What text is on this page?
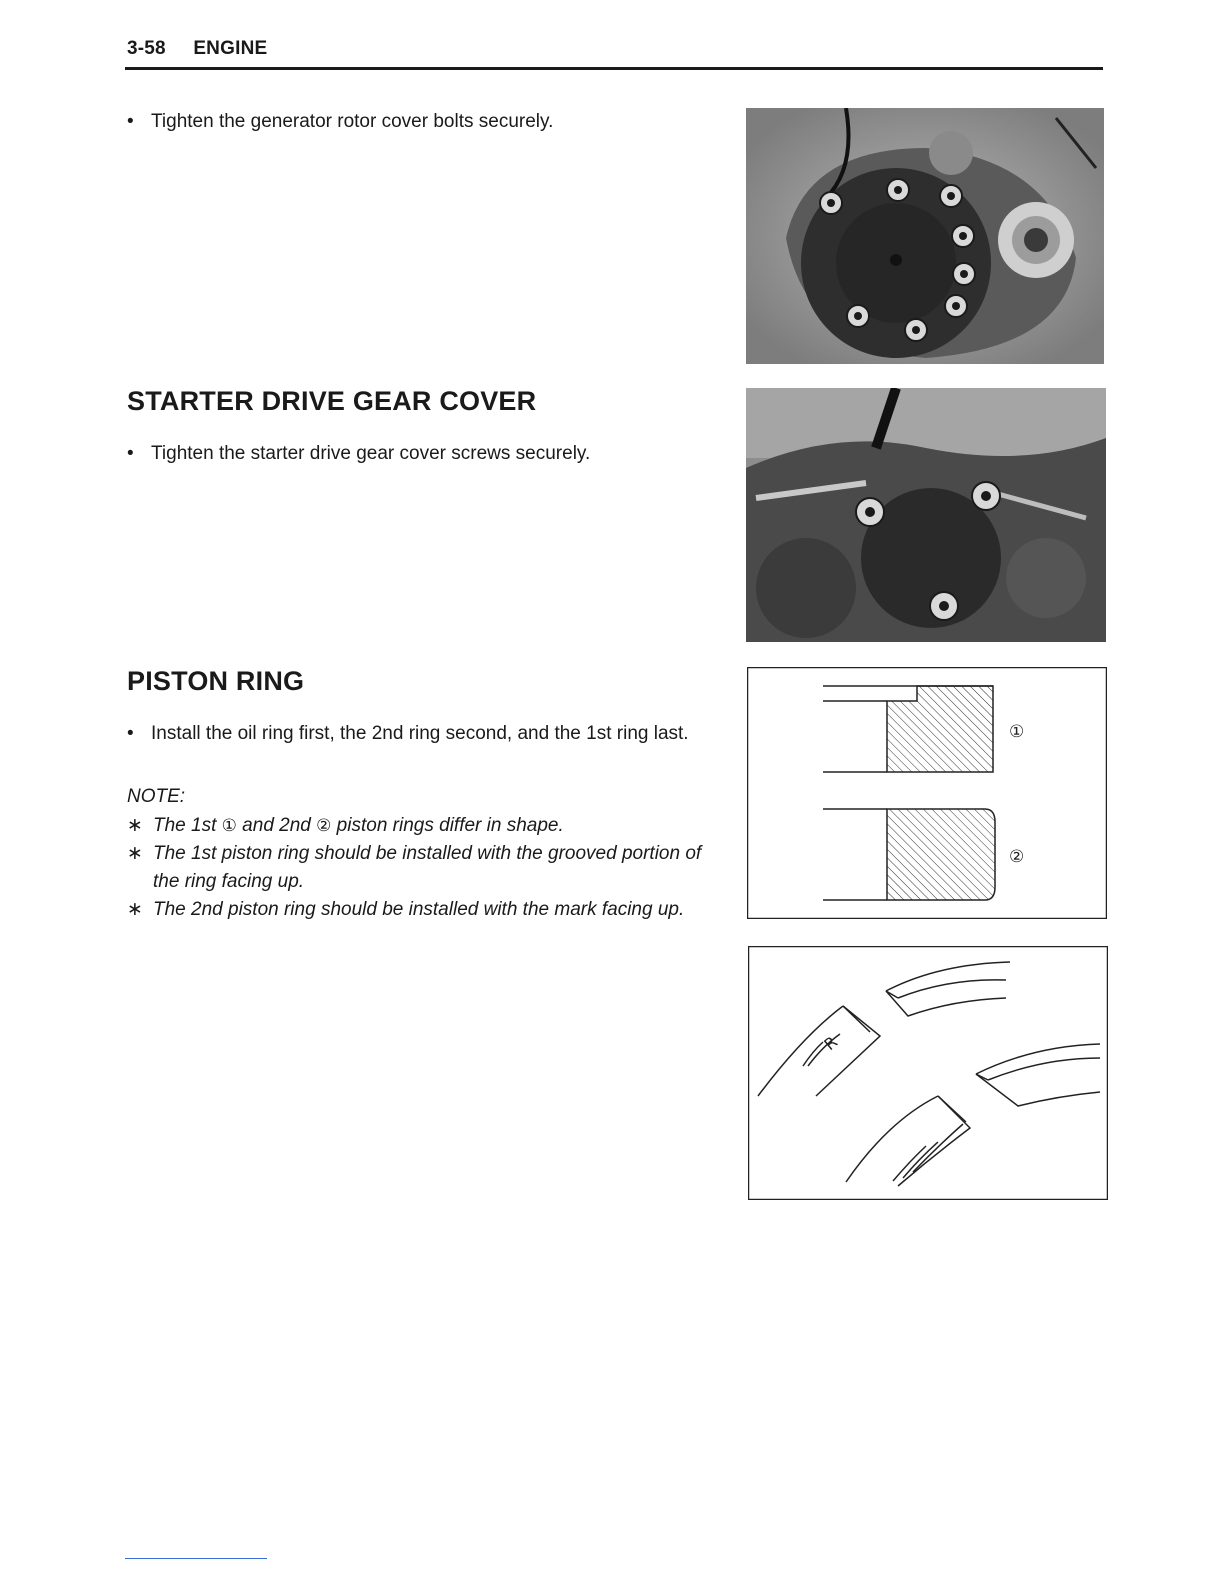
3-58 ENGINE
• Tighten the generator rotor cover bolts securely.
STARTER DRIVE GEAR COVER
• Tighten the starter drive gear cover screws securely.
PISTON RING
• Install the oil ring first, the 2nd ring second, and the 1st ring last.
NOTE:
∗ The 1st ① and 2nd ② piston rings differ in shape.
∗ The 1st piston ring should be installed with the grooved portion of the ring facing up.
∗ The 2nd piston ring should be installed with the mark facing up.
①
②
R
